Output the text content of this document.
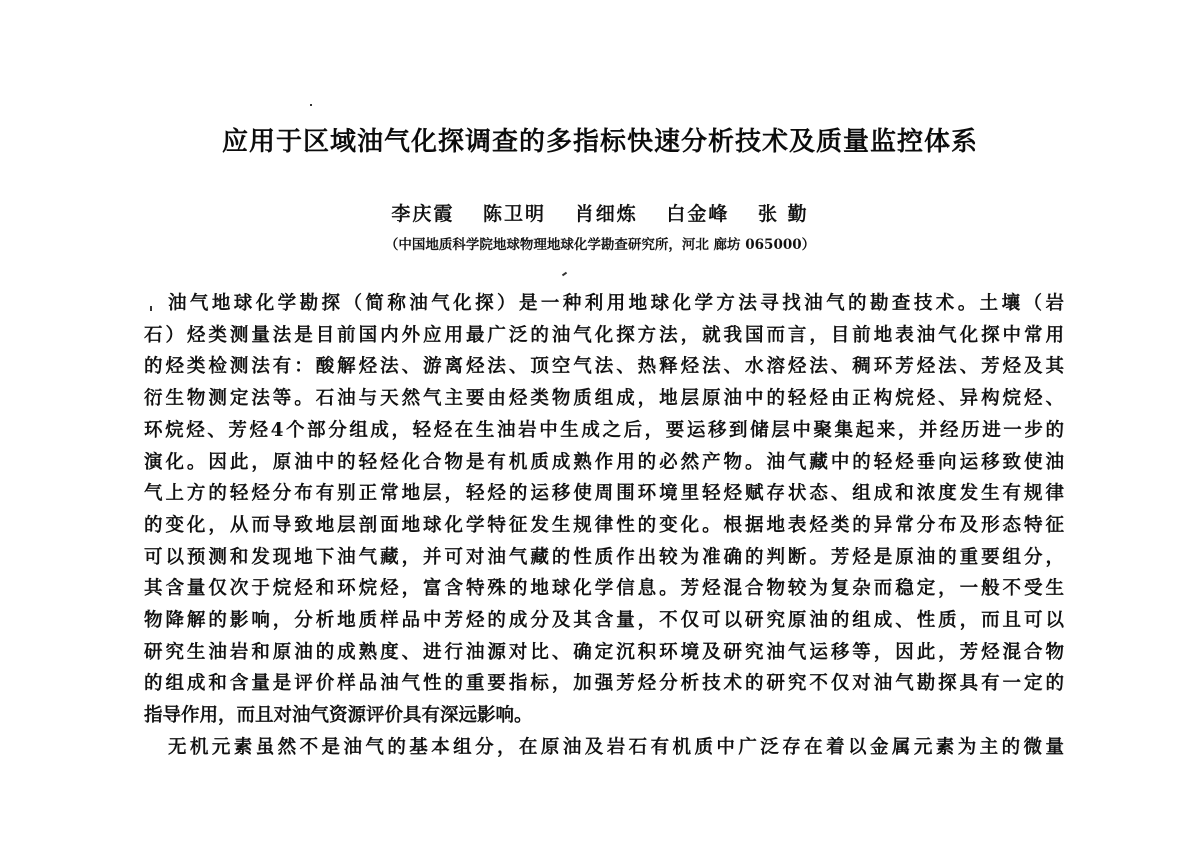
应用于区域油气化探调查的多指标快速分析技术及质量监控体系
李庆霞 陈卫明 肖细炼 白金峰 张 勤
（中国地质科学院地球物理地球化学勘查研究所，河北 廊坊 065000）
油气地球化学勘探（简称油气化探）是一种利用地球化学方法寻找油气的勘查技术。土壤（岩
石）烃类测量法是目前国内外应用最广泛的油气化探方法，就我国而言，目前地表油气化探中常用
的烃类检测法有：酸解烃法、游离烃法、顶空气法、热释烃法、水溶烃法、稠环芳烃法、芳烃及其
衍生物测定法等。石油与天然气主要由烃类物质组成，地层原油中的轻烃由正构烷烃、异构烷烃、
环烷烃、芳烃4个部分组成，轻烃在生油岩中生成之后，要运移到储层中聚集起来，并经历进一步的
演化。因此，原油中的轻烃化合物是有机质成熟作用的必然产物。油气藏中的轻烃垂向运移致使油
气上方的轻烃分布有别正常地层，轻烃的运移使周围环境里轻烃赋存状态、组成和浓度发生有规律
的变化，从而导致地层剖面地球化学特征发生规律性的变化。根据地表烃类的异常分布及形态特征
可以预测和发现地下油气藏，并可对油气藏的性质作出较为准确的判断。芳烃是原油的重要组分，
其含量仅次于烷烃和环烷烃，富含特殊的地球化学信息。芳烃混合物较为复杂而稳定，一般不受生
物降解的影响，分析地质样品中芳烃的成分及其含量，不仅可以研究原油的组成、性质，而且可以
研究生油岩和原油的成熟度、进行油源对比、确定沉积环境及研究油气运移等，因此，芳烃混合物
的组成和含量是评价样品油气性的重要指标，加强芳烃分析技术的研究不仅对油气勘探具有一定的
指导作用，而且对油气资源评价具有深远影响。
无机元素虽然不是油气的基本组分，在原油及岩石有机质中广泛存在着以金属元素为主的微量
